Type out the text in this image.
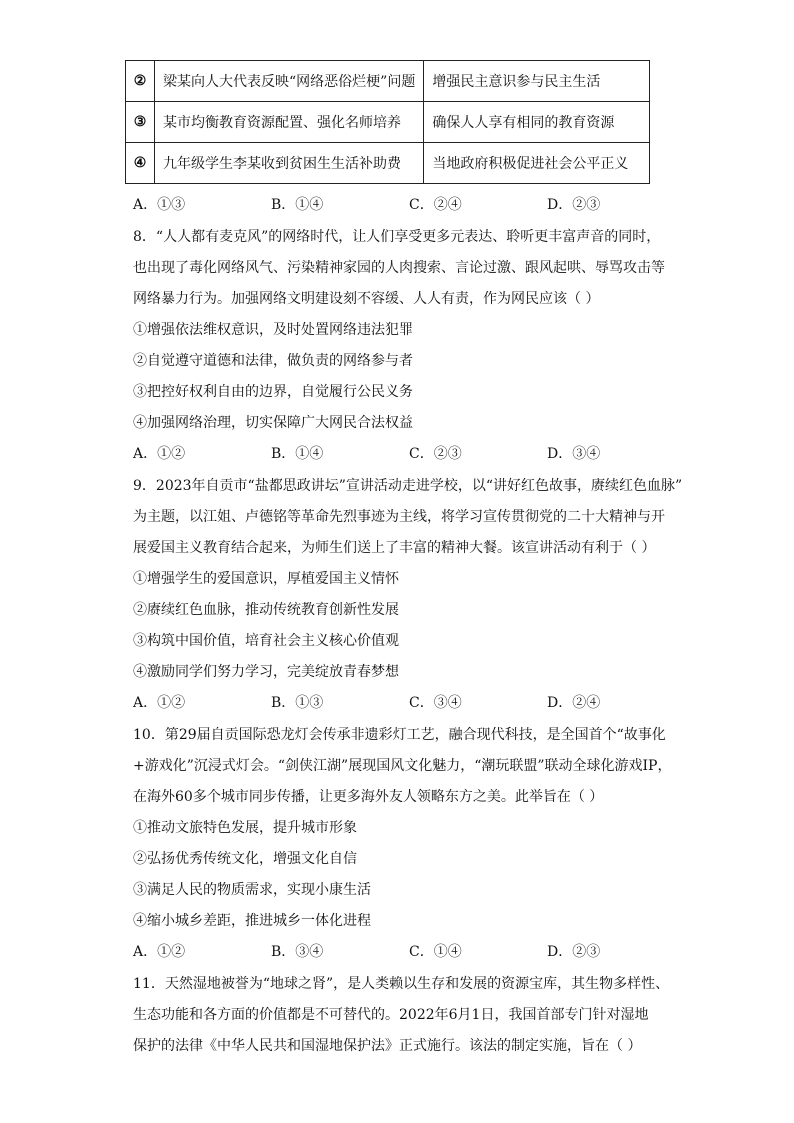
②	梁某向人大代表反映“网络恶俗烂梗”问题	增强民主意识参与民主生活
③	某市均衡教育资源配置、强化名师培养	确保人人享有相同的教育资源
④	九年级学生李某收到贫困生生活补助费	当地政府积极促进社会公平正义
A．①③	B．①④	C．②④	D．②③
8．“人人都有麦克风”的网络时代，让人们享受更多元表达、聆听更丰富声音的同时，
也出现了毒化网络风气、污染精神家园的人肉搜索、言论过激、跟风起哄、辱骂攻击等
网络暴力行为。加强网络文明建设刻不容缓、人人有责，作为网民应该（ ）
①增强依法维权意识，及时处置网络违法犯罪
②自觉遵守道德和法律，做负责的网络参与者
③把控好权利自由的边界，自觉履行公民义务
④加强网络治理，切实保障广大网民合法权益
A．①②	B．①④	C．②③	D．③④
9．2023年自贡市“盐都思政讲坛”宣讲活动走进学校，以“讲好红色故事，赓续红色血脉”
为主题，以江姐、卢德铭等革命先烈事迹为主线，将学习宣传贯彻党的二十大精神与开
展爱国主义教育结合起来，为师生们送上了丰富的精神大餐。该宣讲活动有利于（ ）
①增强学生的爱国意识，厚植爱国主义情怀
②赓续红色血脉，推动传统教育创新性发展
③构筑中国价值，培育社会主义核心价值观
④激励同学们努力学习，完美绽放青春梦想
A．①②	B．①③	C．③④	D．②④
10．第29届自贡国际恐龙灯会传承非遗彩灯工艺，融合现代科技，是全国首个“故事化
+游戏化”沉浸式灯会。“剑侠江湖”展现国风文化魅力，“潮玩联盟”联动全球化游戏IP，
在海外60多个城市同步传播，让更多海外友人领略东方之美。此举旨在（ ）
①推动文旅特色发展，提升城市形象
②弘扬优秀传统文化，增强文化自信
③满足人民的物质需求，实现小康生活
④缩小城乡差距，推进城乡一体化进程
A．①②	B．③④	C．①④	D．②③
11．天然湿地被誉为“地球之肾”，是人类赖以生存和发展的资源宝库，其生物多样性、
生态功能和各方面的价值都是不可替代的。2022年6月1日，我国首部专门针对湿地
保护的法律《中华人民共和国湿地保护法》正式施行。该法的制定实施，旨在（ ）
